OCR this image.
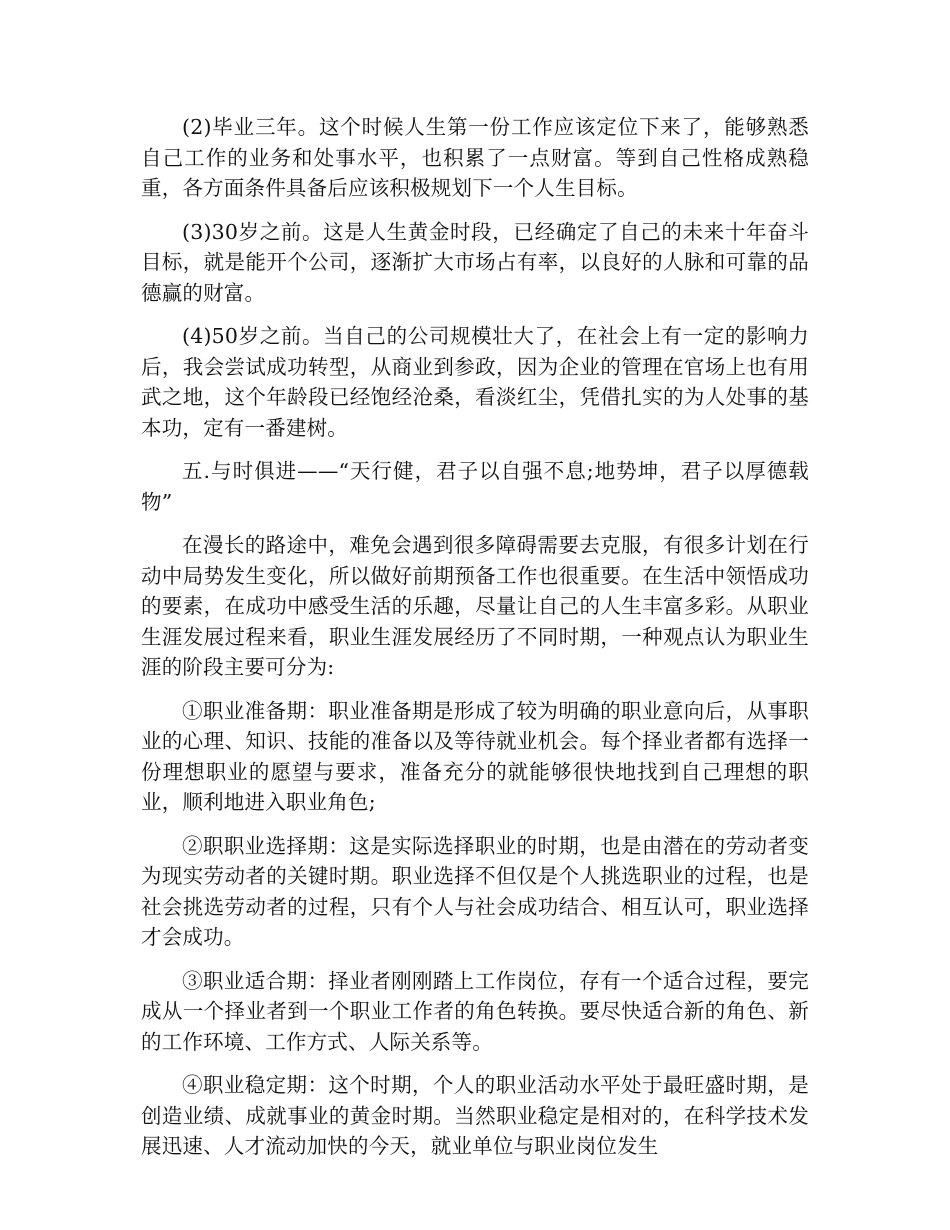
(2)毕业三年。这个时候人生第一份工作应该定位下来了，能够熟悉自己工作的业务和处事水平，也积累了一点财富。等到自己性格成熟稳重，各方面条件具备后应该积极规划下一个人生目标。

(3)30岁之前。这是人生黄金时段，已经确定了自己的未来十年奋斗目标，就是能开个公司，逐渐扩大市场占有率，以良好的人脉和可靠的品德赢的财富。

(4)50岁之前。当自己的公司规模壮大了，在社会上有一定的影响力后，我会尝试成功转型，从商业到参政，因为企业的管理在官场上也有用武之地，这个年龄段已经饱经沧桑，看淡红尘，凭借扎实的为人处事的基本功，定有一番建树。

五.与时俱进——“天行健，君子以自强不息;地势坤，君子以厚德载物”

在漫长的路途中，难免会遇到很多障碍需要去克服，有很多计划在行动中局势发生变化，所以做好前期预备工作也很重要。在生活中领悟成功的要素，在成功中感受生活的乐趣，尽量让自己的人生丰富多彩。从职业生涯发展过程来看，职业生涯发展经历了不同时期，一种观点认为职业生涯的阶段主要可分为:

①职业准备期：职业准备期是形成了较为明确的职业意向后，从事职业的心理、知识、技能的准备以及等待就业机会。每个择业者都有选择一份理想职业的愿望与要求，准备充分的就能够很快地找到自己理想的职业，顺利地进入职业角色;

②职职业选择期：这是实际选择职业的时期，也是由潜在的劳动者变为现实劳动者的关键时期。职业选择不但仅是个人挑选职业的过程，也是社会挑选劳动者的过程，只有个人与社会成功结合、相互认可，职业选择才会成功。

③职业适合期：择业者刚刚踏上工作岗位，存有一个适合过程，要完成从一个择业者到一个职业工作者的角色转换。要尽快适合新的角色、新的工作环境、工作方式、人际关系等。

④职业稳定期：这个时期，个人的职业活动水平处于最旺盛时期，是创造业绩、成就事业的黄金时期。当然职业稳定是相对的，在科学技术发展迅速、人才流动加快的今天，就业单位与职业岗位发生
